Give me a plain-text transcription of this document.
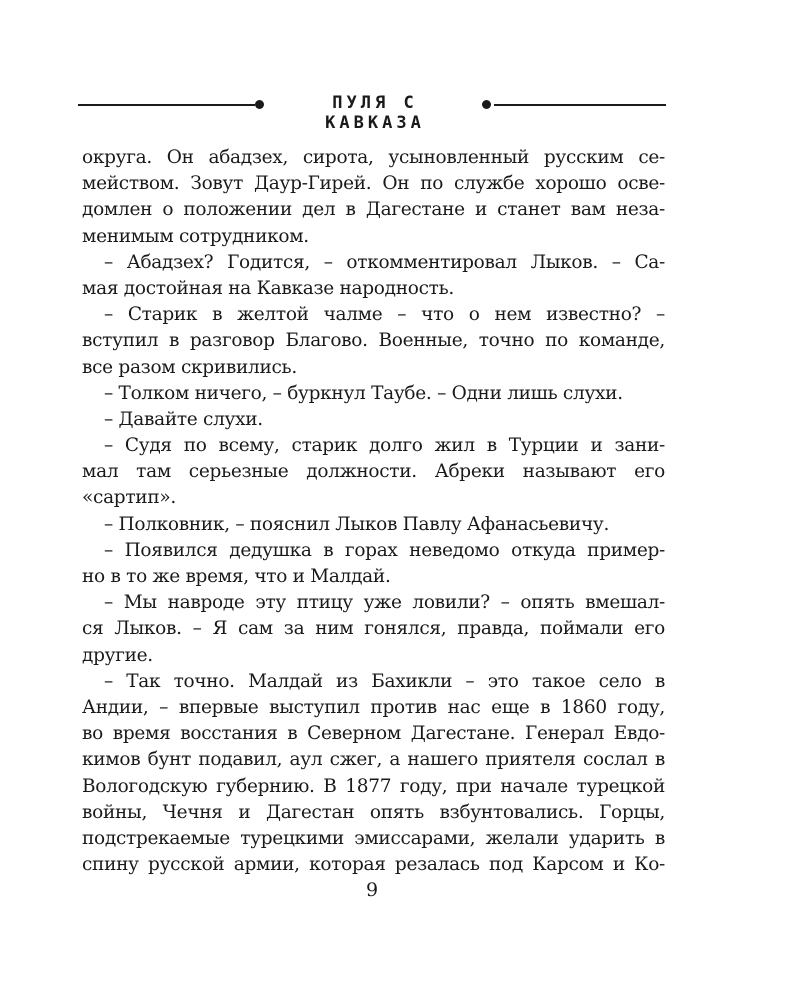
ПУЛЯ С КАВКАЗА
округа. Он абадзех, сирота, усыновленный русским се-
мейством. Зовут Даур-Гирей. Он по службе хорошо осве-
домлен о положении дел в Дагестане и станет вам неза-
менимым сотрудником.
– Абадзех? Годится, – откомментировал Лыков. – Са-
мая достойная на Кавказе народность.
– Старик в желтой чалме – что о нем известно? –
вступил в разговор Благово. Военные, точно по команде,
все разом скривились.
– Толком ничего, – буркнул Таубе. – Одни лишь слухи.
– Давайте слухи.
– Судя по всему, старик долго жил в Турции и зани-
мал там серьезные должности. Абреки называют его
«сартип».
– Полковник, – пояснил Лыков Павлу Афанасьевичу.
– Появился дедушка в горах неведомо откуда пример-
но в то же время, что и Малдай.
– Мы навроде эту птицу уже ловили? – опять вмешал-
ся Лыков. – Я сам за ним гонялся, правда, поймали его
другие.
– Так точно. Малдай из Бахикли – это такое село в
Андии, – впервые выступил против нас еще в 1860 году,
во время восстания в Северном Дагестане. Генерал Евдо-
кимов бунт подавил, аул сжег, а нашего приятеля сослал в
Вологодскую губернию. В 1877 году, при начале турецкой
войны, Чечня и Дагестан опять взбунтовались. Горцы,
подстрекаемые турецкими эмиссарами, желали ударить в
спину русской армии, которая резалась под Карсом и Ко-
9
